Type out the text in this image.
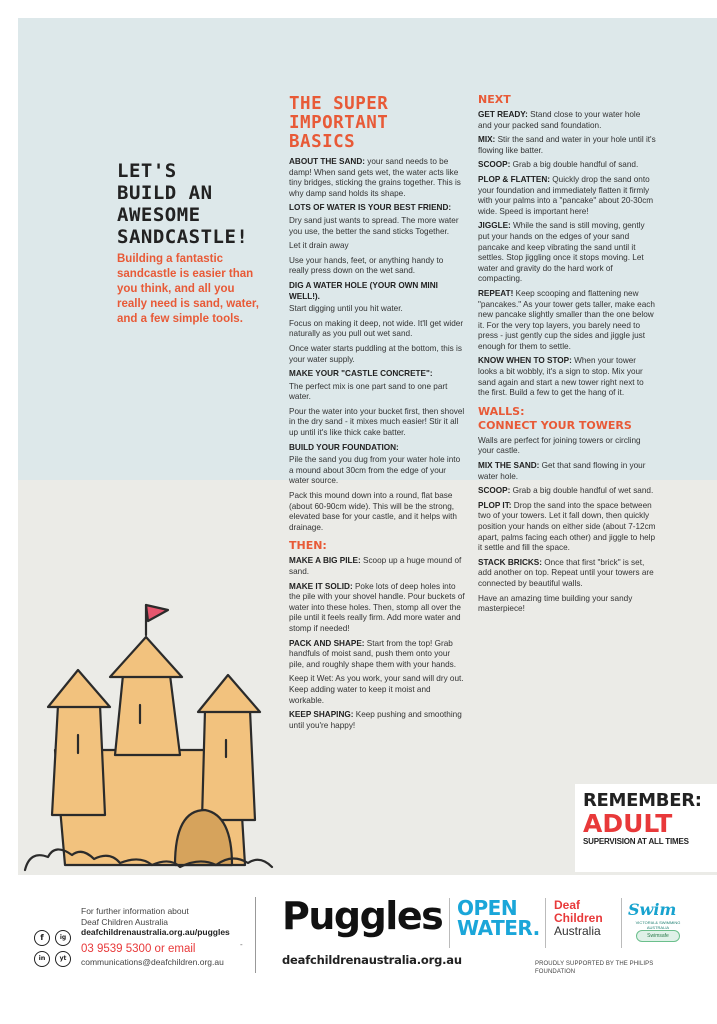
LET'S
BUILD AN
AWESOME
SANDCASTLE!
Building a fantastic sandcastle is easier than you think, and all you really need is sand, water, and a few simple tools.
THE SUPER
IMPORTANT
BASICS

ABOUT THE SAND: your sand needs to be damp! When sand gets wet, the water acts like tiny bridges, sticking the grains together. This is why damp sand holds its shape.

LOTS OF WATER IS YOUR BEST FRIEND:

Dry sand just wants to spread. The more water you use, the better the sand sticks Together.

Let it drain away

Use your hands, feet, or anything handy to really press down on the wet sand.

DIG A WATER HOLE (YOUR OWN MINI WELL!).

Start digging until you hit water.

Focus on making it deep, not wide. It'll get wider naturally as you pull out wet sand.

Once water starts puddling at the bottom, this is your water supply.

MAKE YOUR "CASTLE CONCRETE":

The perfect mix is one part sand to one part water.

Pour the water into your bucket first, then shovel in the dry sand - it mixes much easier! Stir it all up until it's like thick cake batter.

BUILD YOUR FOUNDATION:

Pile the sand you dug from your water hole into a mound about 30cm from the edge of your water source.

Pack this mound down into a round, flat base (about 60-90cm wide). This will be the strong, elevated base for your castle, and it helps with drainage.

THEN:

MAKE A BIG PILE: Scoop up a huge mound of sand.

MAKE IT SOLID: Poke lots of deep holes into the pile with your shovel handle. Pour buckets of water into these holes. Then, stomp all over the pile until it feels really firm. Add more water and stomp if needed!

PACK AND SHAPE: Start from the top! Grab handfuls of moist sand, push them onto your pile, and roughly shape them with your hands.

Keep it Wet: As you work, your sand will dry out. Keep adding water to keep it moist and workable.

KEEP SHAPING: Keep pushing and smoothing until you're happy!

NEXT

GET READY: Stand close to your water hole and your packed sand foundation.

MIX: Stir the sand and water in your hole until it's flowing like batter.

SCOOP: Grab a big double handful of sand.

PLOP & FLATTEN: Quickly drop the sand onto your foundation and immediately flatten it firmly with your palms into a "pancake" about 20-30cm wide. Speed is important here!

JIGGLE: While the sand is still moving, gently put your hands on the edges of your sand pancake and keep vibrating the sand until it settles. Stop jiggling once it stops moving. Let water and gravity do the hard work of compacting.

REPEAT! Keep scooping and flattening new "pancakes." As your tower gets taller, make each new pancake slightly smaller than the one below it. For the very top layers, you barely need to press - just gently cup the sides and jiggle just enough for them to settle.

KNOW WHEN TO STOP: When your tower looks a bit wobbly, it's a sign to stop. Mix your sand again and start a new tower right next to the first. Build a few to get the hang of it.

WALLS:
CONNECT YOUR TOWERS

Walls are perfect for joining towers or circling your castle.

MIX THE SAND: Get that sand flowing in your water hole.

SCOOP: Grab a big double handful of wet sand.

PLOP IT: Drop the sand into the space between two of your towers. Let it fall down, then quickly position your hands on either side (about 7-12cm apart, palms facing each other) and jiggle to help it settle and fill the space.

STACK BRICKS: Once that first "brick" is set, add another on top. Repeat until your towers are connected by beautiful walls.

Have an amazing time building your sandy masterpiece!

REMEMBER:
ADULT
SUPERVISION AT ALL TIMES
For further information about
Deaf Children Australia
deafchildrenaustralia.org.au/puggles
03 9539 5300 or email
communications@deafchildren.org.au
-
f	ig
in	yt
Puggles OPEN
WATER.
Deaf
Children
Australia
Swim
VICTORIA & SWIMMING AUSTRALIA
Swimsafe
deafchildrenaustralia.org.au	PROUDLY SUPPORTED BY THE PHILIPS FOUNDATION
